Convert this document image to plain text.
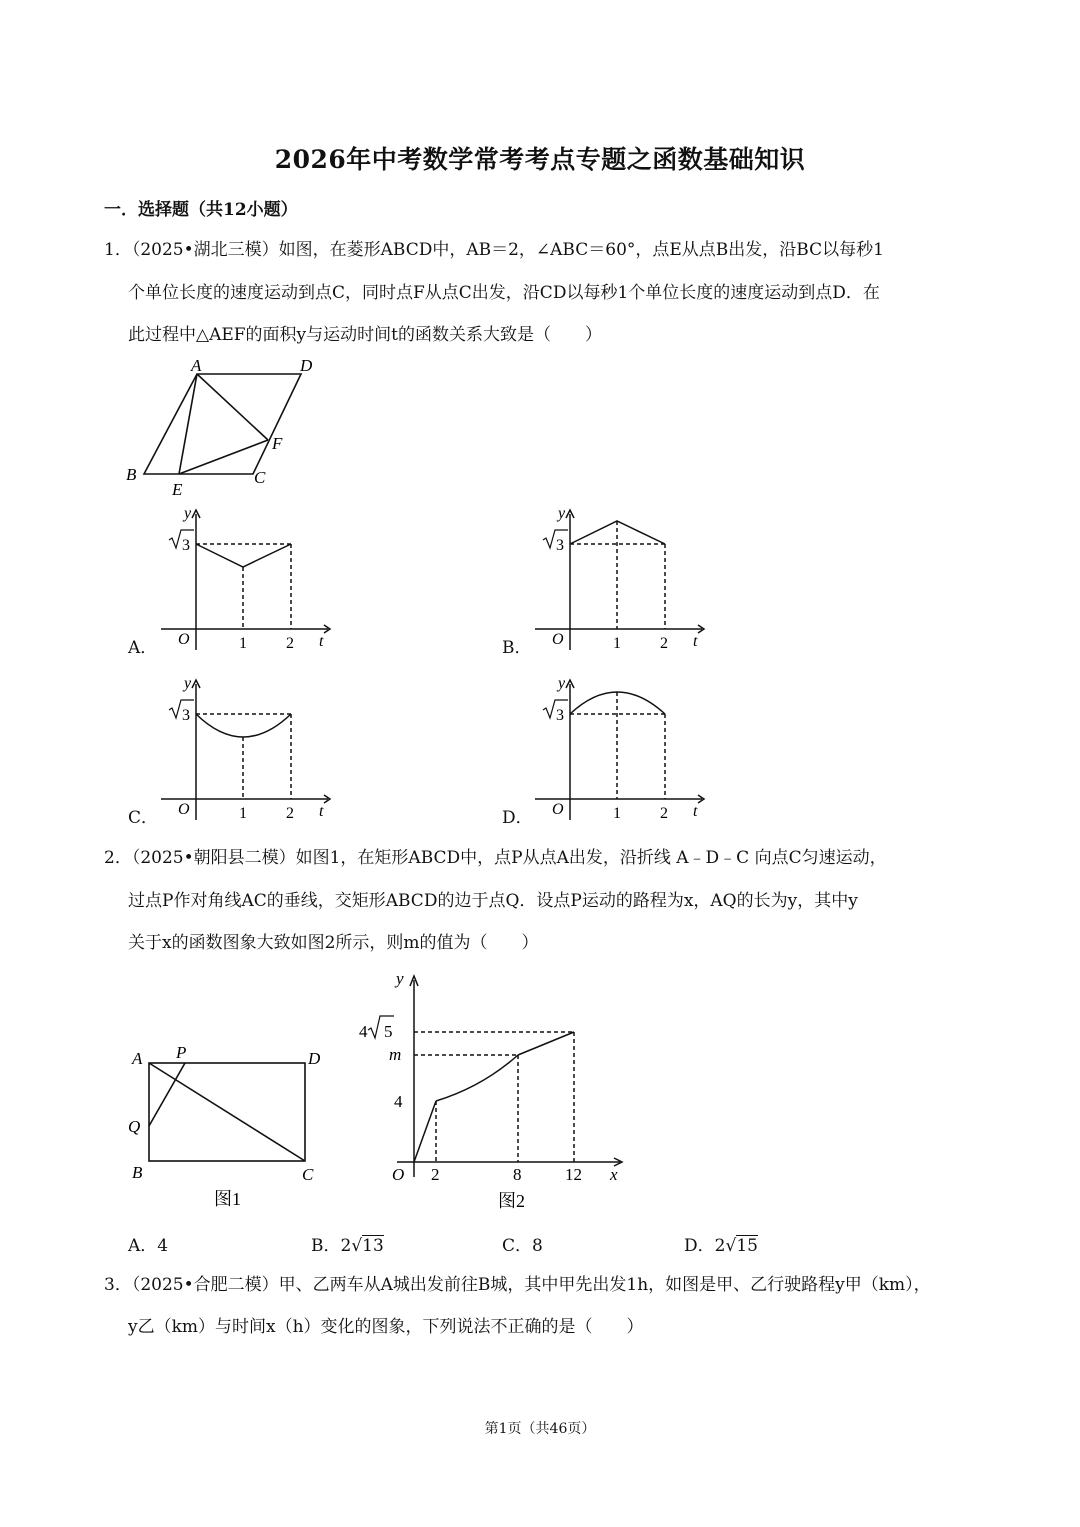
2026年中考数学常考考点专题之函数基础知识
一．选择题（共12小题）
1．（2025•湖北三模）如图，在菱形ABCD中，AB＝2，∠ABC＝60°，点E从点B出发，沿BC以每秒1
个单位长度的速度运动到点C，同时点F从点C出发，沿CD以每秒1个单位长度的速度运动到点D．在
此过程中△AEF的面积y与运动时间t的函数关系大致是（　　）
A	D
B
E
C
F
A．
y
t
O
3
1 2	B．
y
t
O
3
1 2
C．
y
t
O
3
1 2	D．
y
t
O
3
1 2
2．（2025•朝阳县二模）如图1，在矩形ABCD中，点P从点A出发，沿折线 A﹣D﹣C 向点C匀速运动，
过点P作对角线AC的垂线，交矩形ABCD的边于点Q．设点P运动的路程为x，AQ的长为y，其中y
关于x的函数图象大致如图2所示，则m的值为（　　）
A P	D
Q
B	C
图1
y
x
O
4 5
m
4
2	8	12
图2
A．4	B．2√13	C．8	D．2√15
3．（2025•合肥二模）甲、乙两车从A城出发前往B城，其中甲先出发1h，如图是甲、乙行驶路程y甲（km），
y乙（km）与时间x（h）变化的图象，下列说法不正确的是（　　）
第1页（共46页）
